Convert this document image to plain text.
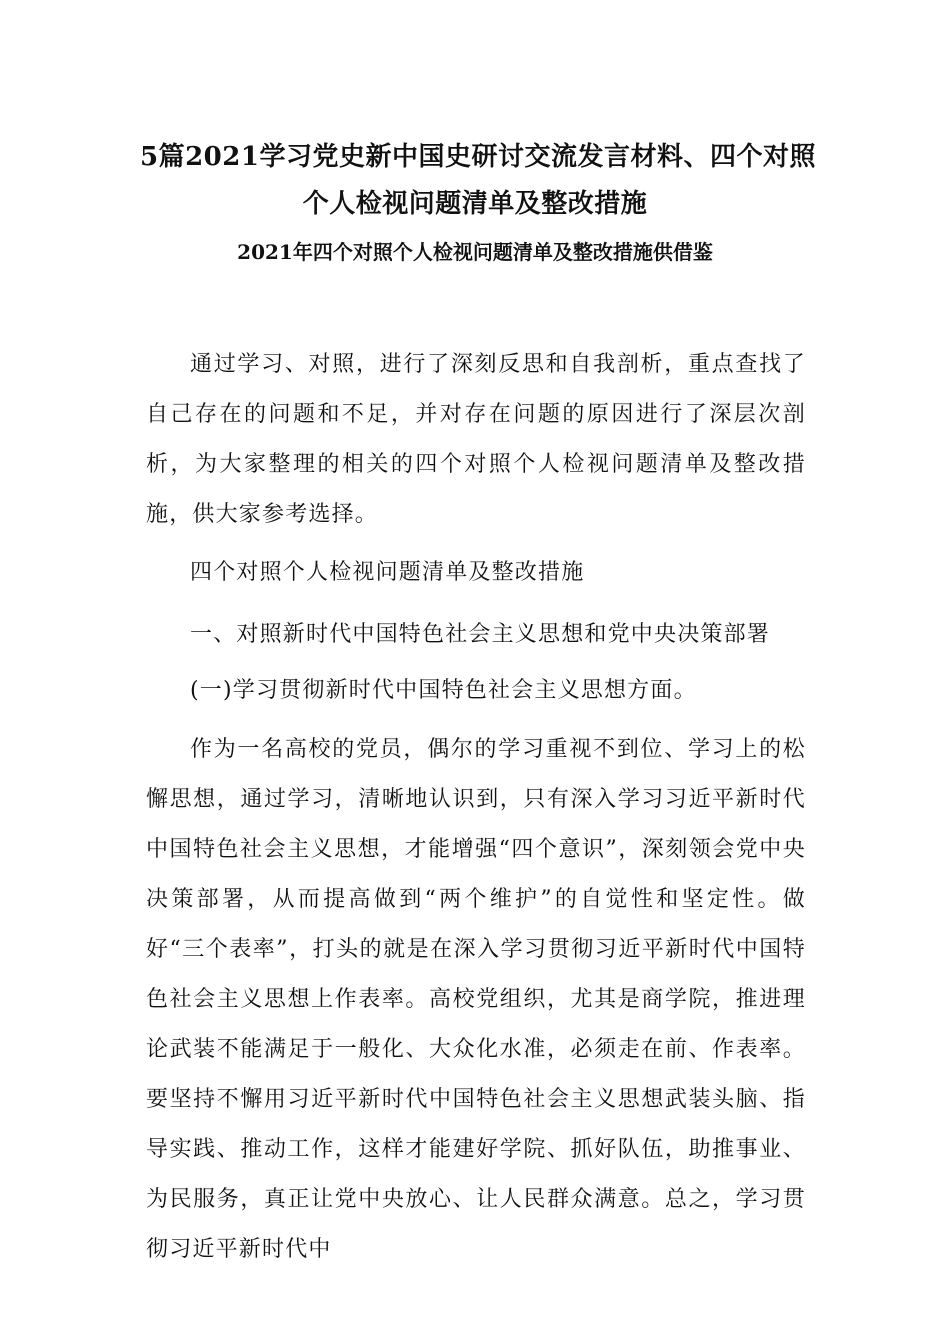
5篇2021学习党史新中国史研讨交流发言材料、四个对照
个人检视问题清单及整改措施
2021年四个对照个人检视问题清单及整改措施供借鉴

通过学习、对照，进行了深刻反思和自我剖析，重点查找了自己存在的问题和不足，并对存在问题的原因进行了深层次剖析，为大家整理的相关的四个对照个人检视问题清单及整改措施，供大家参考选择。

四个对照个人检视问题清单及整改措施

一、对照新时代中国特色社会主义思想和党中央决策部署

(一)学习贯彻新时代中国特色社会主义思想方面。

作为一名高校的党员，偶尔的学习重视不到位、学习上的松懈思想，通过学习，清晰地认识到，只有深入学习习近平新时代中国特色社会主义思想，才能增强“四个意识”，深刻领会党中央决策部署，从而提高做到“两个维护”的自觉性和坚定性。做好“三个表率”，打头的就是在深入学习贯彻习近平新时代中国特色社会主义思想上作表率。高校党组织，尤其是商学院，推进理论武装不能满足于一般化、大众化水准，必须走在前、作表率。要坚持不懈用习近平新时代中国特色社会主义思想武装头脑、指导实践、推动工作，这样才能建好学院、抓好队伍，助推事业、为民服务，真正让党中央放心、让人民群众满意。总之，学习贯彻习近平新时代中
